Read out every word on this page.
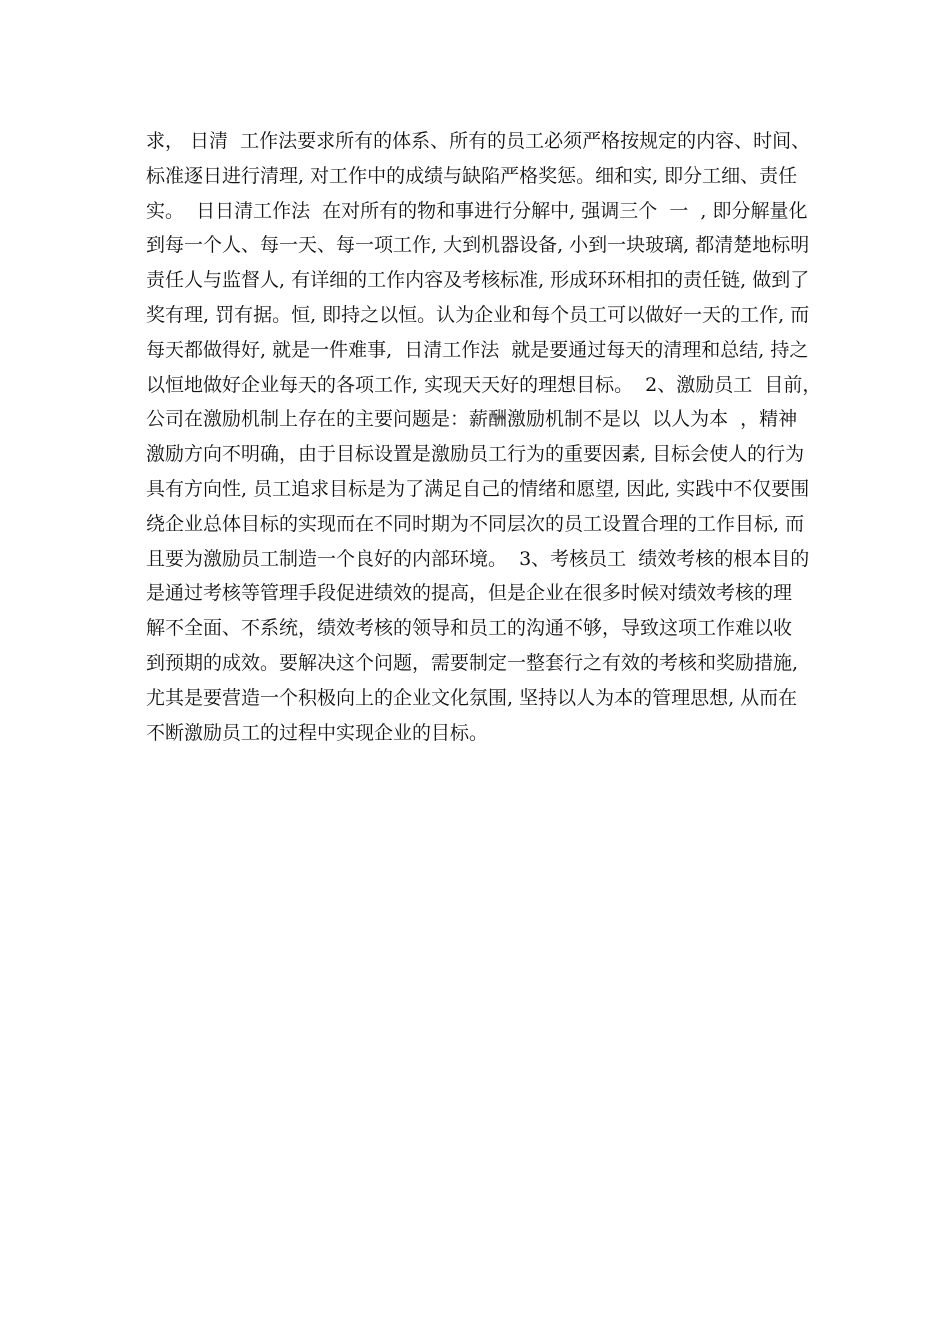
求， 日清  工作法要求所有的体系、所有的员工必须严格按规定的内容、时间、
标准逐日进行清理, 对工作中的成绩与缺陷严格奖惩。细和实, 即分工细、责任
实。  日日清工作法  在对所有的物和事进行分解中, 强调三个  一  , 即分解量化
到每一个人、每一天、每一项工作, 大到机器设备, 小到一块玻璃, 都清楚地标明
责任人与监督人, 有详细的工作内容及考核标准, 形成环环相扣的责任链, 做到了
奖有理, 罚有据。恒, 即持之以恒。认为企业和每个员工可以做好一天的工作, 而
每天都做得好, 就是一件难事,  日清工作法  就是要通过每天的清理和总结, 持之
以恒地做好企业每天的各项工作, 实现天天好的理想目标。  2、激励员工  目前，
公司在激励机制上存在的主要问题是：薪酬激励机制不是以  以人为本  ，精神
激励方向不明确，由于目标设置是激励员工行为的重要因素, 目标会使人的行为
具有方向性, 员工追求目标是为了满足自己的情绪和愿望, 因此, 实践中不仅要围
绕企业总体目标的实现而在不同时期为不同层次的员工设置合理的工作目标, 而
且要为激励员工制造一个良好的内部环境。  3、考核员工  绩效考核的根本目的
是通过考核等管理手段促进绩效的提高，但是企业在很多时候对绩效考核的理
解不全面、不系统，绩效考核的领导和员工的沟通不够，导致这项工作难以收
到预期的成效。要解决这个问题，需要制定一整套行之有效的考核和奖励措施,
尤其是要营造一个积极向上的企业文化氛围, 坚持以人为本的管理思想, 从而在
不断激励员工的过程中实现企业的目标。
